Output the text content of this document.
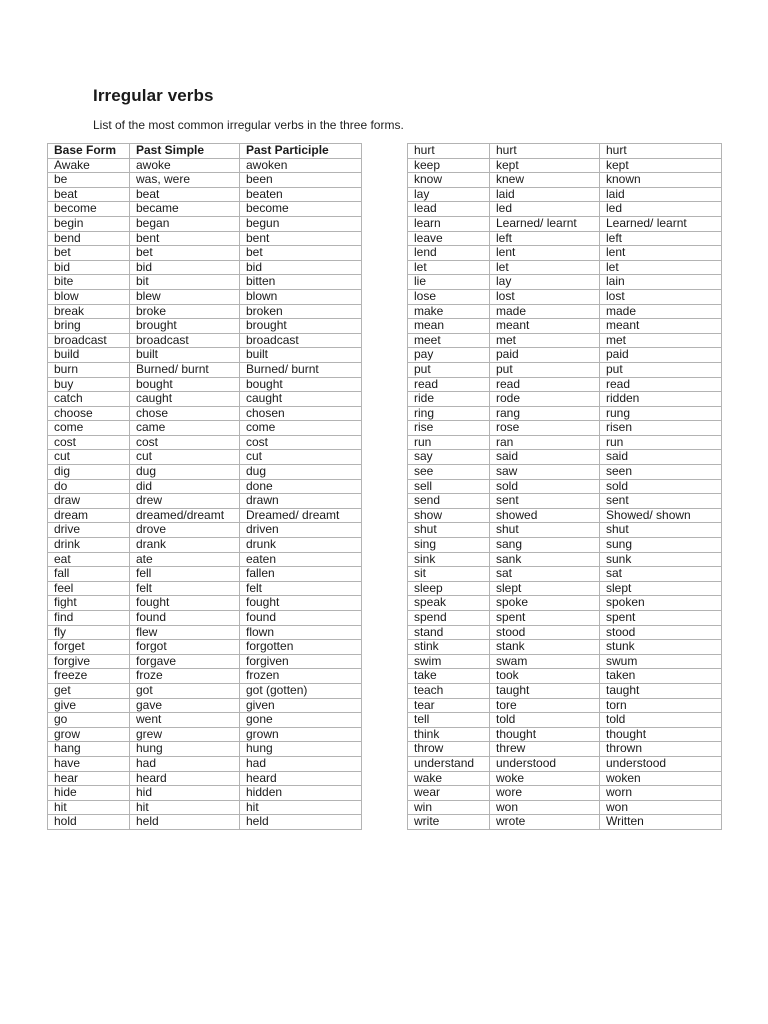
Irregular verbs
List of the most common irregular verbs in the three forms.
Base Form	Past Simple	Past Participle
Awake	awoke	awoken
be	was, were	been
beat	beat	beaten
become	became	become
begin	began	begun
bend	bent	bent
bet	bet	bet
bid	bid	bid
bite	bit	bitten
blow	blew	blown
break	broke	broken
bring	brought	brought
broadcast	broadcast	broadcast
build	built	built
burn	Burned/ burnt	Burned/ burnt
buy	bought	bought
catch	caught	caught
choose	chose	chosen
come	came	come
cost	cost	cost
cut	cut	cut
dig	dug	dug
do	did	done
draw	drew	drawn
dream	dreamed/dreamt	Dreamed/ dreamt
drive	drove	driven
drink	drank	drunk
eat	ate	eaten
fall	fell	fallen
feel	felt	felt
fight	fought	fought
find	found	found
fly	flew	flown
forget	forgot	forgotten
forgive	forgave	forgiven
freeze	froze	frozen
get	got	got (gotten)
give	gave	given
go	went	gone
grow	grew	grown
hang	hung	hung
have	had	had
hear	heard	heard
hide	hid	hidden
hit	hit	hit
hold	held	held
hurt	hurt	hurt
keep	kept	kept
know	knew	known
lay	laid	laid
lead	led	led
learn	Learned/ learnt	Learned/ learnt
leave	left	left
lend	lent	lent
let	let	let
lie	lay	lain
lose	lost	lost
make	made	made
mean	meant	meant
meet	met	met
pay	paid	paid
put	put	put
read	read	read
ride	rode	ridden
ring	rang	rung
rise	rose	risen
run	ran	run
say	said	said
see	saw	seen
sell	sold	sold
send	sent	sent
show	showed	Showed/ shown
shut	shut	shut
sing	sang	sung
sink	sank	sunk
sit	sat	sat
sleep	slept	slept
speak	spoke	spoken
spend	spent	spent
stand	stood	stood
stink	stank	stunk
swim	swam	swum
take	took	taken
teach	taught	taught
tear	tore	torn
tell	told	told
think	thought	thought
throw	threw	thrown
understand	understood	understood
wake	woke	woken
wear	wore	worn
win	won	won
write	wrote	Written
